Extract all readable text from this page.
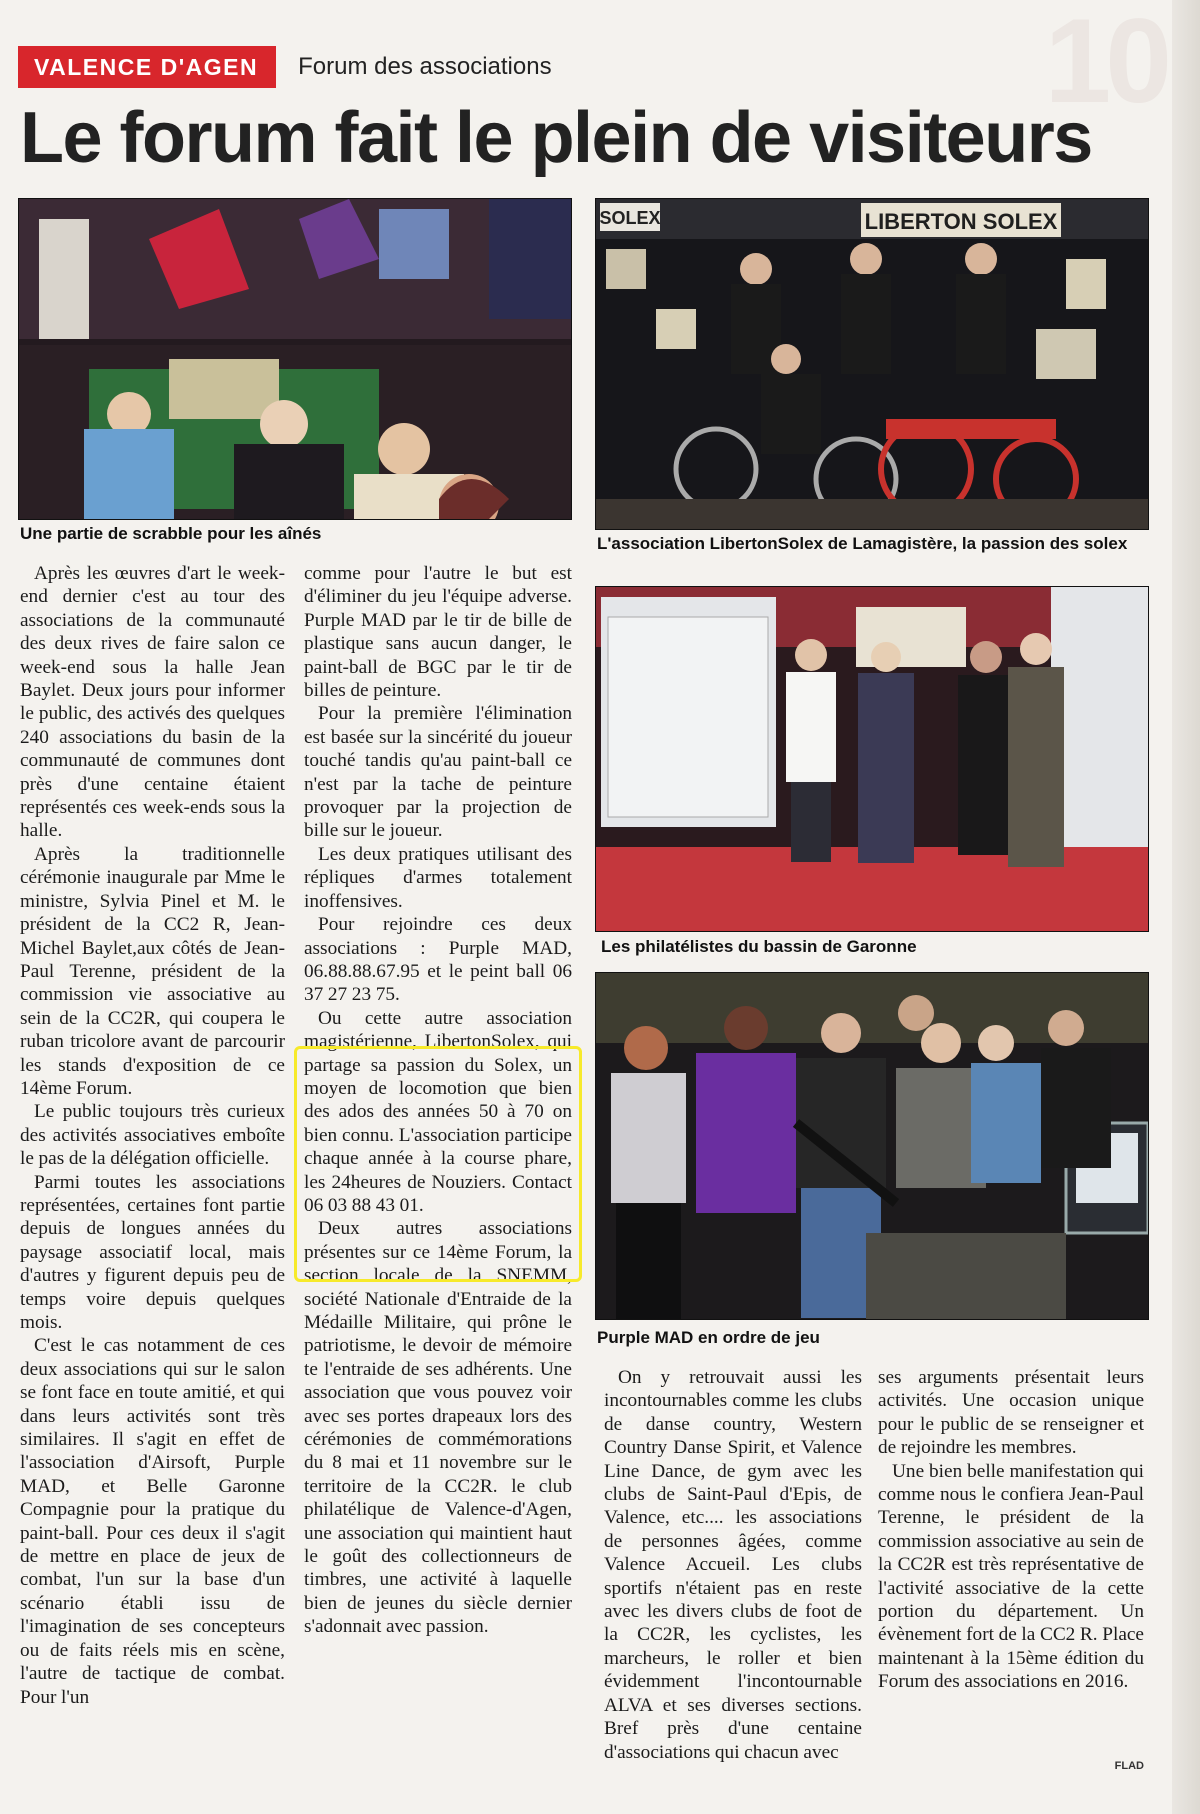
10
VALENCE D'AGEN	Forum des associations
Le forum fait le plein de visiteurs

Une partie de scrabble pour les aînés

SOLEX	LIBERTON SOLEX

L'association LibertonSolex de Lamagistère, la passion des solex

Les philatélistes du bassin de Garonne

Purple MAD en ordre de jeu

Après les œuvres d'art le week-end dernier c'est au tour des associations de la communauté des deux rives de faire salon ce week-end sous la halle Jean Baylet. Deux jours pour informer le public, des activés des quelques 240 associations du basin de la communauté de communes dont près d'une centaine étaient représentés ces week-ends sous la halle.

Après la traditionnelle cérémonie inaugurale par Mme le ministre, Sylvia Pinel et M. le président de la CC2 R, Jean-Michel Baylet,aux côtés de Jean-Paul Terenne, président de la commission vie associative au sein de la CC2R, qui coupera le ruban tricolore avant de parcourir les stands d'exposition de ce 14ème Forum.

Le public toujours très curieux des activités associatives emboîte le pas de la délégation officielle.

Parmi toutes les associations représentées, certaines font partie depuis de longues années du paysage associatif local, mais d'autres y figurent depuis peu de temps voire depuis quelques mois.

C'est le cas notamment de ces deux associations qui sur le salon se font face en toute amitié, et qui dans leurs activités sont très similaires. Il s'agit en effet de l'association d'Airsoft, Purple MAD, et Belle Garonne Compagnie pour la pratique du paint-ball. Pour ces deux il s'agit de mettre en place de jeux de combat, l'un sur la base d'un scénario établi issu de l'imagination de ses concepteurs ou de faits réels mis en scène, l'autre de tactique de combat. Pour l'un

comme pour l'autre le but est d'éliminer du jeu l'équipe adverse. Purple MAD par le tir de bille de plastique sans aucun danger, le paint-ball de BGC par le tir de billes de peinture.

Pour la première l'élimination est basée sur la sincérité du joueur touché tandis qu'au paint-ball ce n'est par la tache de peinture provoquer par la projection de bille sur le joueur.

Les deux pratiques utilisant des répliques d'armes totalement inoffensives.

Pour rejoindre ces deux associations : Purple MAD, 06.88.88.67.95 et le peint ball 06 37 27 23 75.

Ou cette autre association magistérienne, LibertonSolex, qui partage sa passion du Solex, un moyen de locomotion que bien des ados des années 50 à 70 on bien connu. L'association participe chaque année à la course phare, les 24heures de Nouziers. Contact 06 03 88 43 01.

Deux autres associations présentes sur ce 14ème Forum, la section locale de la SNEMM, société Nationale d'Entraide de la Médaille Militaire, qui prône le patriotisme, le devoir de mémoire te l'entraide de ses adhérents. Une association que vous pouvez voir avec ses portes drapeaux lors des cérémonies de commémorations du 8 mai et 11 novembre sur le territoire de la CC2R. le club philatélique de Valence-d'Agen, une association qui maintient haut le goût des collectionneurs de timbres, une activité à laquelle bien de jeunes du siècle dernier s'adonnait avec passion.

On y retrouvait aussi les incontournables comme les clubs de danse country, Western Country Danse Spirit, et Valence Line Dance, de gym avec les clubs de Saint-Paul d'Epis, de Valence, etc.... les associations de personnes âgées, comme Valence Accueil. Les clubs sportifs n'étaient pas en reste avec les divers clubs de foot de la CC2R, les cyclistes, les marcheurs, le roller et bien évidemment l'incontournable ALVA et ses diverses sections. Bref près d'une centaine d'associations qui chacun avec

ses arguments présentait leurs activités. Une occasion unique pour le public de se renseigner et de rejoindre les membres.

Une bien belle manifestation qui comme nous le confiera Jean-Paul Terenne, le président de la commission associative au sein de la CC2R est très représentative de l'activité associative de la cette portion du département. Un évènement fort de la CC2 R. Place maintenant à la 15ème édition du Forum des associations en 2016.

FLAD
